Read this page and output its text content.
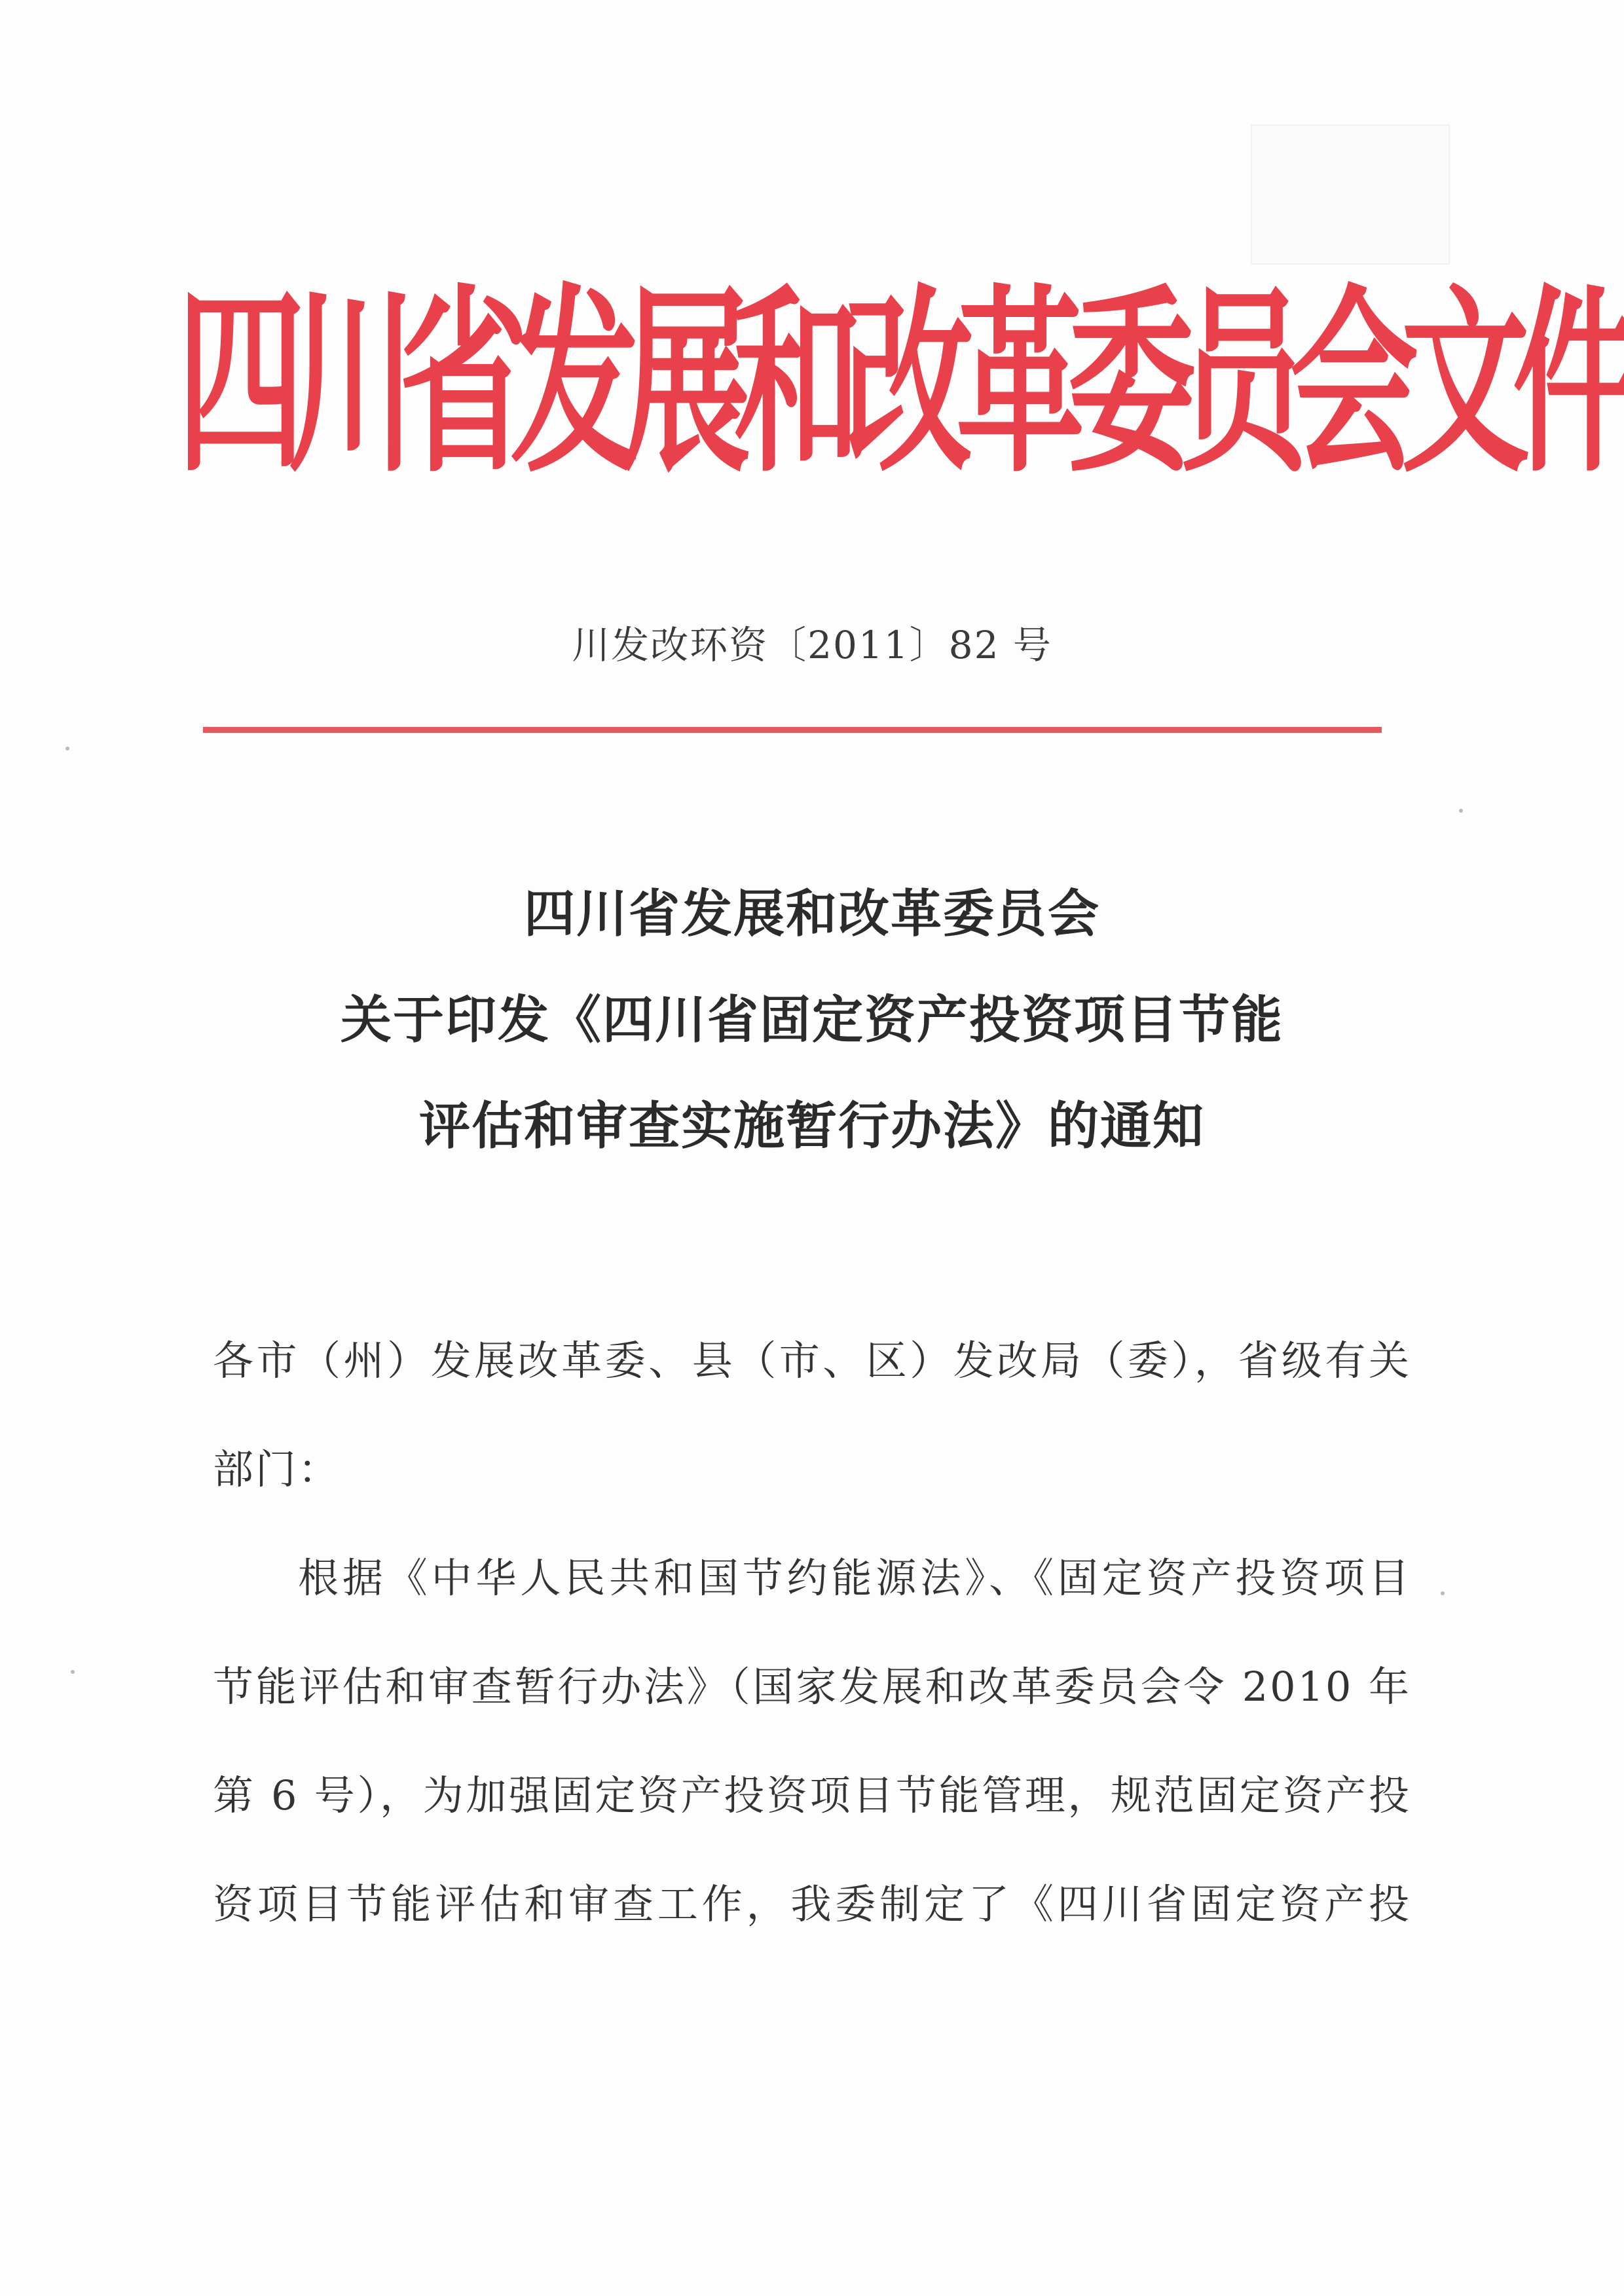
四川省发展和改革委员会文件
川发改环资〔2011〕82 号
四川省发展和改革委员会
关于印发《四川省固定资产投资项目节能
评估和审查实施暂行办法》的通知
各市（州）发展改革委、县（市、区）发改局（委），省级有关
部门：
根据《中华人民共和国节约能源法》、《固定资产投资项目
节能评估和审查暂行办法》（国家发展和改革委员会令 2010 年
第 6 号），为加强固定资产投资项目节能管理，规范固定资产投
资项目节能评估和审查工作，我委制定了《四川省固定资产投
